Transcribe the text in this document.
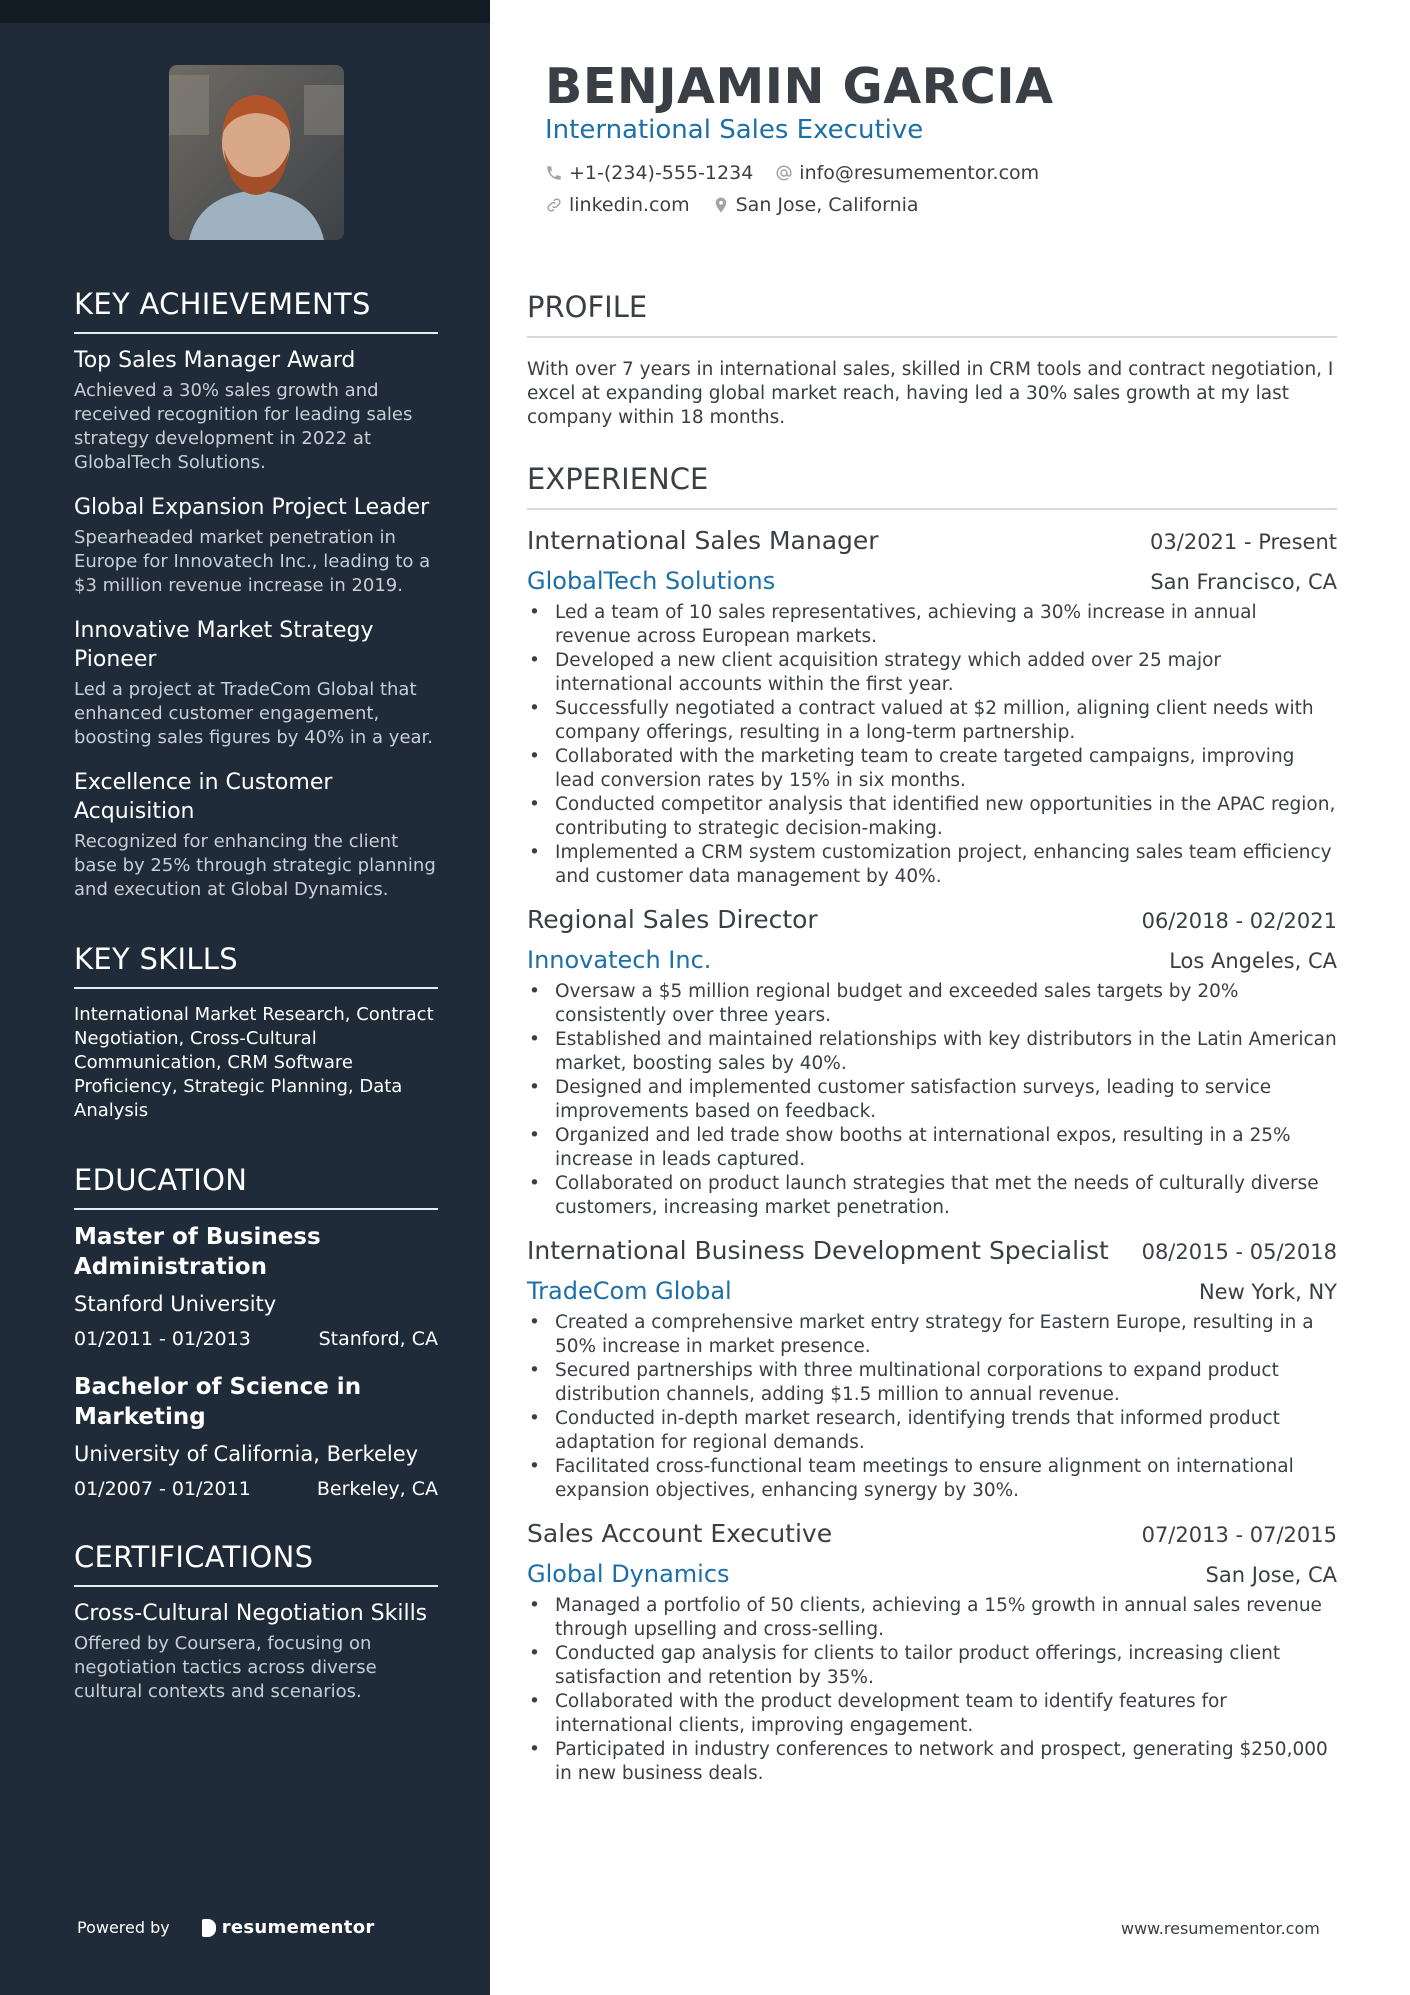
KEY ACHIEVEMENTS
Top Sales Manager Award
Achieved a 30% sales growth and received recognition for leading sales strategy development in 2022 at GlobalTech Solutions.
Global Expansion Project Leader
Spearheaded market penetration in Europe for Innovatech Inc., leading to a $3 million revenue increase in 2019.
Innovative Market Strategy Pioneer
Led a project at TradeCom Global that enhanced customer engagement, boosting sales figures by 40% in a year.
Excellence in Customer Acquisition
Recognized for enhancing the client base by 25% through strategic planning and execution at Global Dynamics.
KEY SKILLS
International Market Research, Contract Negotiation, Cross-Cultural Communication, CRM Software Proficiency, Strategic Planning, Data Analysis
EDUCATION
Master of Business Administration
Stanford University
01/2011 - 01/2013	Stanford, CA
Bachelor of Science in Marketing
University of California, Berkeley
01/2007 - 01/2011	Berkeley, CA
CERTIFICATIONS
Cross-Cultural Negotiation Skills
Offered by Coursera, focusing on negotiation tactics across diverse cultural contexts and scenarios.
Powered by	resumementor
BENJAMIN GARCIA
International Sales Executive
+1-(234)-555-1234 info@resumementor.com
linkedin.com San Jose, California
PROFILE

With over 7 years in international sales, skilled in CRM tools and contract negotiation, I excel at expanding global market reach, having led a 30% sales growth at my last company within 18 months.

EXPERIENCE
International Sales Manager	03/2021 - Present
GlobalTech Solutions	San Francisco, CA
• Led a team of 10 sales representatives, achieving a 30% increase in annual revenue across European markets.
• Developed a new client acquisition strategy which added over 25 major international accounts within the first year.
• Successfully negotiated a contract valued at $2 million, aligning client needs with company offerings, resulting in a long-term partnership.
• Collaborated with the marketing team to create targeted campaigns, improving lead conversion rates by 15% in six months.
• Conducted competitor analysis that identified new opportunities in the APAC region, contributing to strategic decision-making.
• Implemented a CRM system customization project, enhancing sales team efficiency and customer data management by 40%.
Regional Sales Director	06/2018 - 02/2021
Innovatech Inc.	Los Angeles, CA
• Oversaw a $5 million regional budget and exceeded sales targets by 20% consistently over three years.
• Established and maintained relationships with key distributors in the Latin American market, boosting sales by 40%.
• Designed and implemented customer satisfaction surveys, leading to service improvements based on feedback.
• Organized and led trade show booths at international expos, resulting in a 25% increase in leads captured.
• Collaborated on product launch strategies that met the needs of culturally diverse customers, increasing market penetration.
International Business Development Specialist 08/2015 - 05/2018
TradeCom Global	New York, NY
• Created a comprehensive market entry strategy for Eastern Europe, resulting in a 50% increase in market presence.
• Secured partnerships with three multinational corporations to expand product distribution channels, adding $1.5 million to annual revenue.
• Conducted in-depth market research, identifying trends that informed product adaptation for regional demands.
• Facilitated cross-functional team meetings to ensure alignment on international expansion objectives, enhancing synergy by 30%.
Sales Account Executive	07/2013 - 07/2015
Global Dynamics	San Jose, CA
• Managed a portfolio of 50 clients, achieving a 15% growth in annual sales revenue through upselling and cross-selling.
• Conducted gap analysis for clients to tailor product offerings, increasing client satisfaction and retention by 35%.
• Collaborated with the product development team to identify features for international clients, improving engagement.
• Participated in industry conferences to network and prospect, generating $250,000 in new business deals.
www.resumementor.com
